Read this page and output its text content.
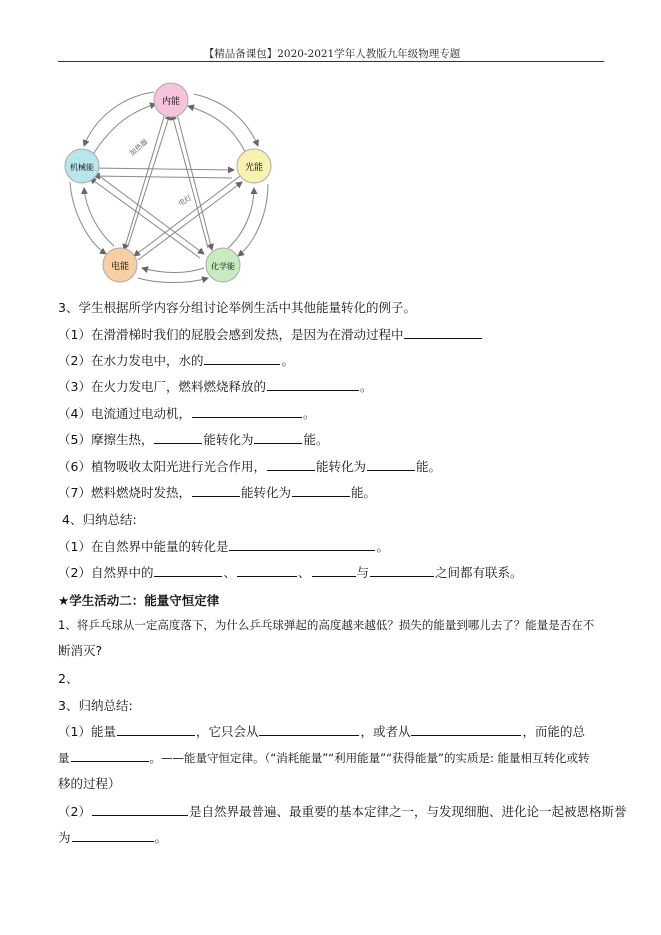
【精品备课包】2020-2021学年人教版九年级物理专题
加热器
电灯
内能
机械能	光能
电能	化学能
3、学生根据所学内容分组讨论举例生活中其他能量转化的例子。
（1）在滑滑梯时我们的屁股会感到发热，是因为在滑动过程中
（2）在水力发电中，水的	。
（3）在火力发电厂，燃料燃烧释放的	。
（4）电流通过电动机，	。
（5）摩擦生热，	能转化为	能。
（6）植物吸收太阳光进行光合作用，	能转化为	能。
（7）燃料燃烧时发热，	能转化为	能。
4、归纳总结:
（1）在自然界中能量的转化是	。
（2）自然界中的	、	、	与	之间都有联系。
★学生活动二：能量守恒定律
1、将乒乓球从一定高度落下，为什么乒乓球弹起的高度越来越低？损失的能量到哪儿去了？能量是否在不
断消灭?
2、
3、归纳总结:
（1）能量	，它只会从	，或者从	，而能的总
量	。——能量守恒定律。（“消耗能量”“利用能量”“获得能量”的实质是: 能量相互转化或转
移的过程）
（2）	是自然界最普遍、最重要的基本定律之一，与发现细胞、进化论一起被恩格斯誉
为	。
